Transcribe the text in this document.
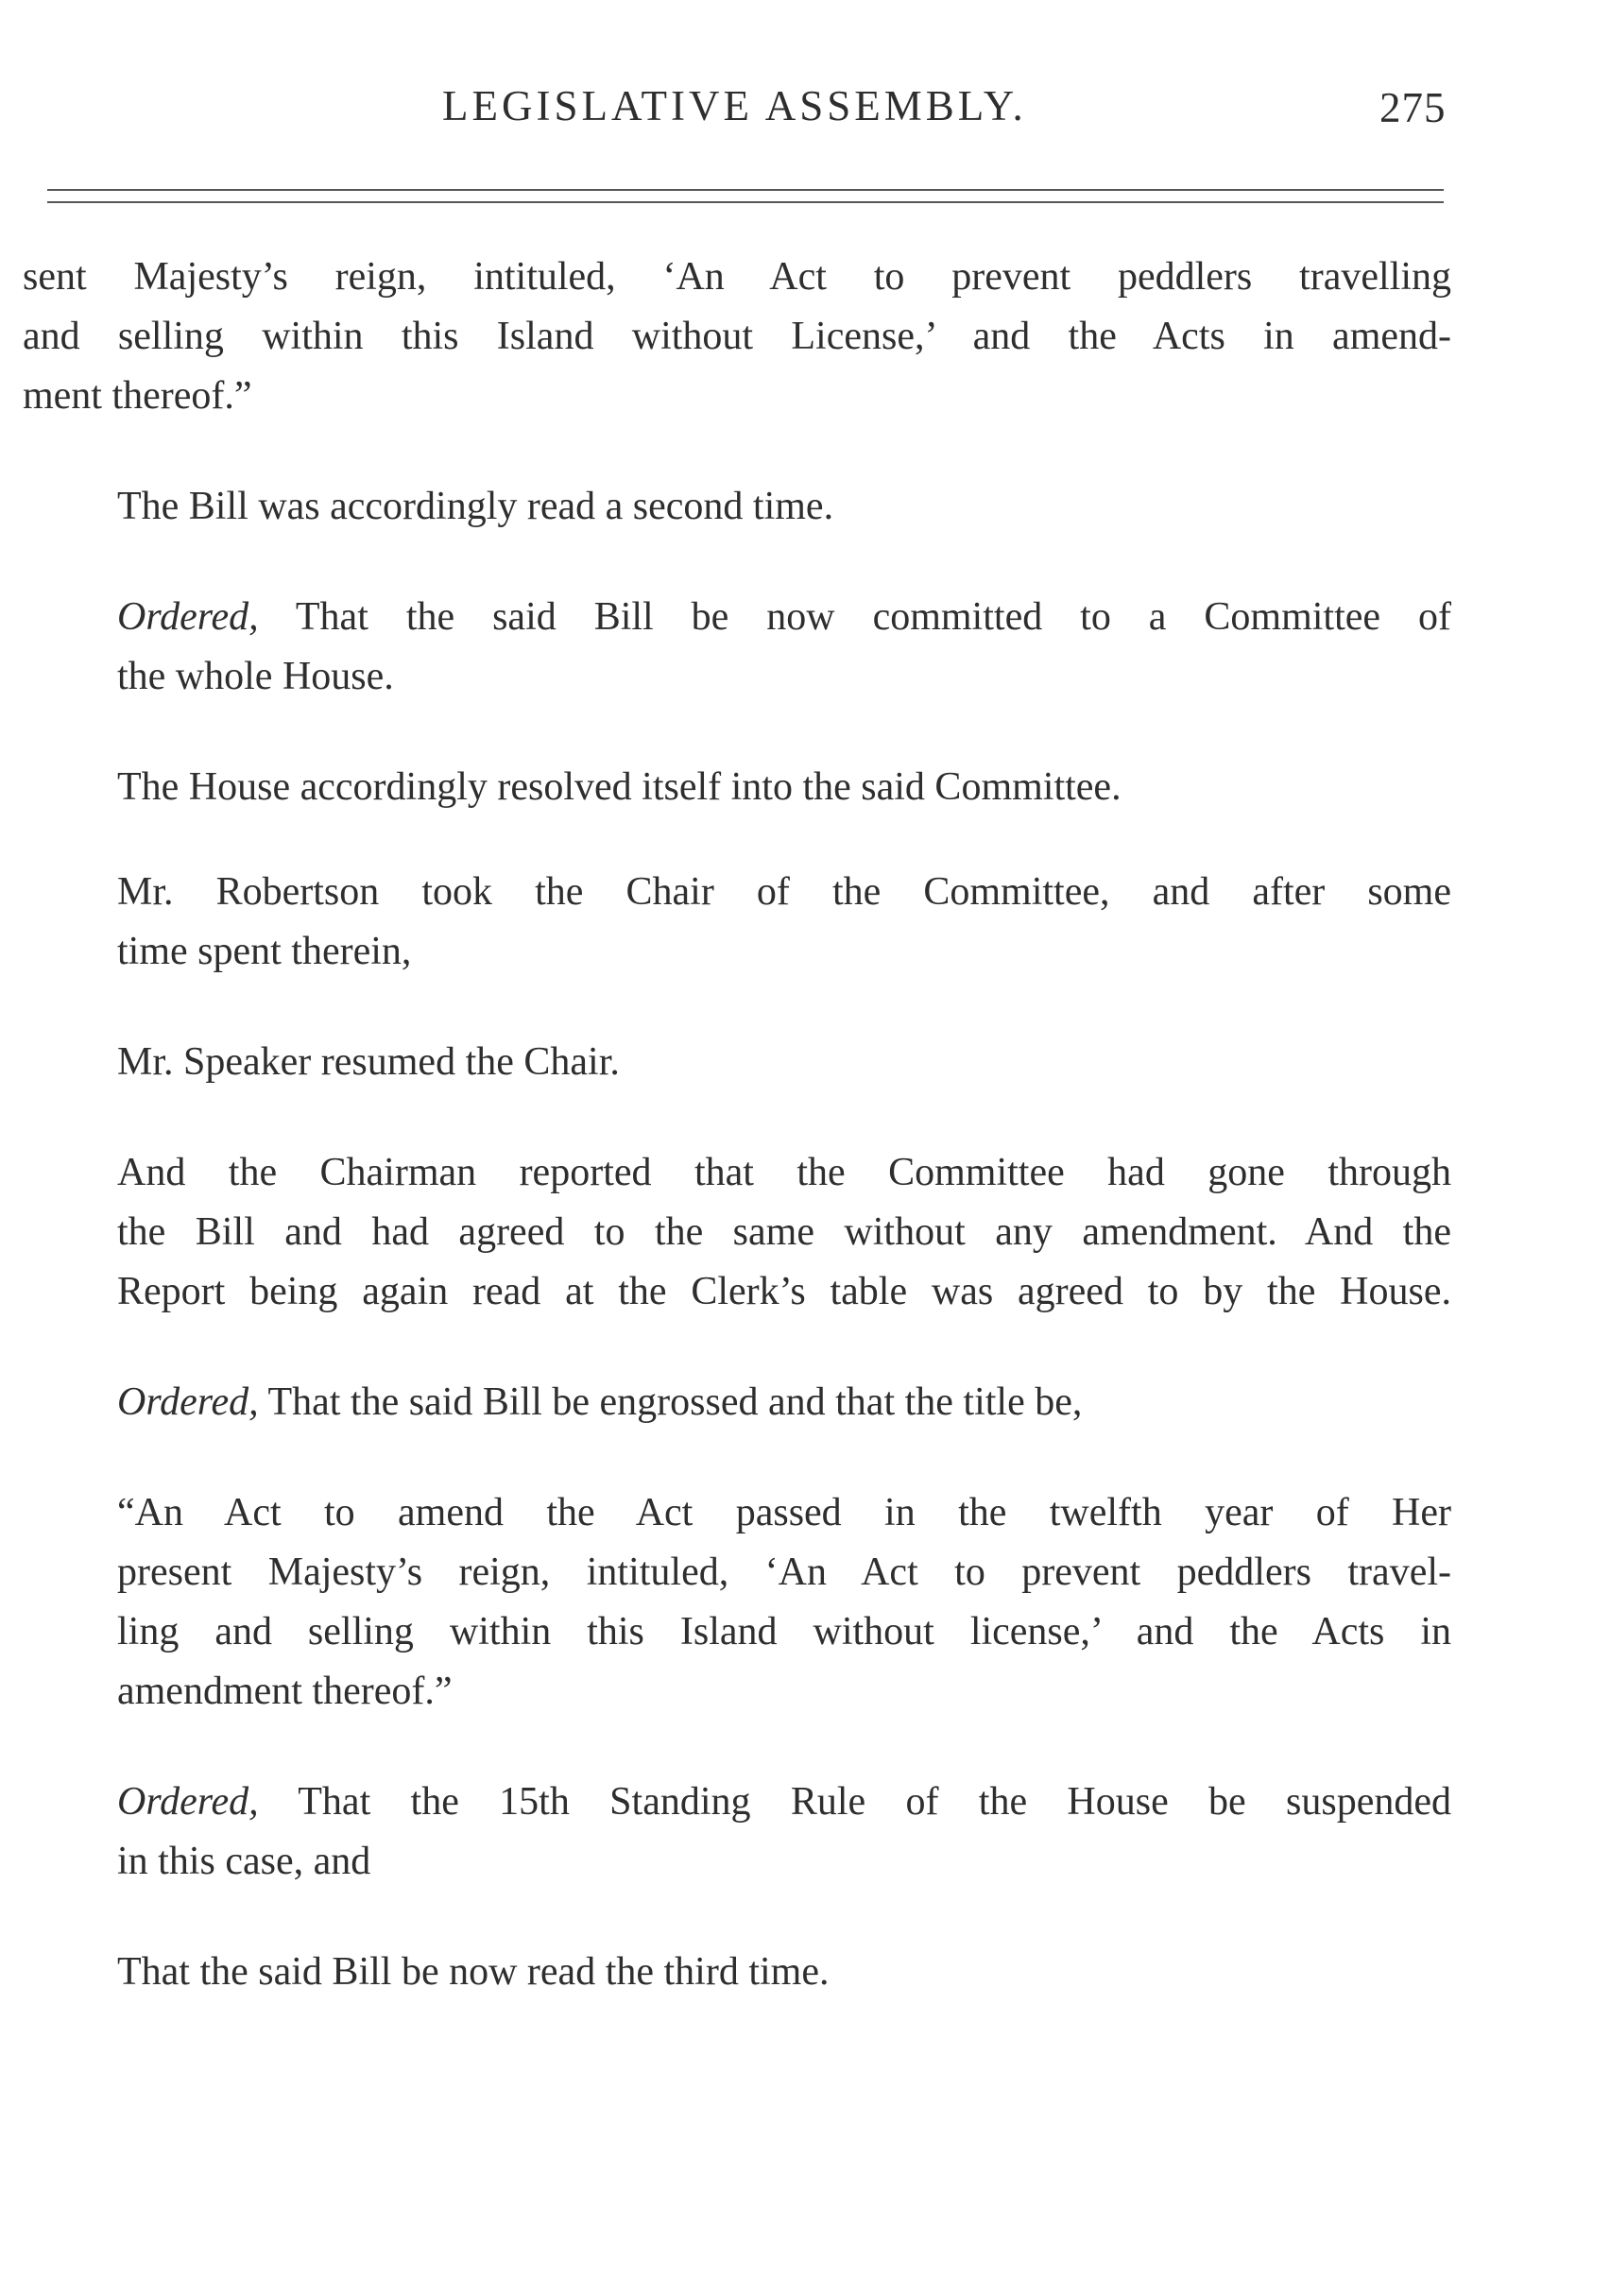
LEGISLATIVE ASSEMBLY.	275

sent Majesty’s reign, intituled, ‘An Act to prevent peddlers travelling
and selling within this Island without License,’ and the Acts in amend-
ment thereof.”

The Bill was accordingly read a second time.

Ordered, That the said Bill be now committed to a Committee of
the whole House.

The House accordingly resolved itself into the said Committee.

Mr. Robertson took the Chair of the Committee, and after some
time spent therein,

Mr. Speaker resumed the Chair.

And the Chairman reported that the Committee had gone through
the Bill and had agreed to the same without any amendment. And the
Report being again read at the Clerk’s table was agreed to by the House.

Ordered, That the said Bill be engrossed and that the title be,

“An Act to amend the Act passed in the twelfth year of Her
present Majesty’s reign, intituled, ‘An Act to prevent peddlers travel-
ling and selling within this Island without license,’ and the Acts in
amendment thereof.”

Ordered, That the 15th Standing Rule of the House be suspended
in this case, and

That the said Bill be now read the third time.
